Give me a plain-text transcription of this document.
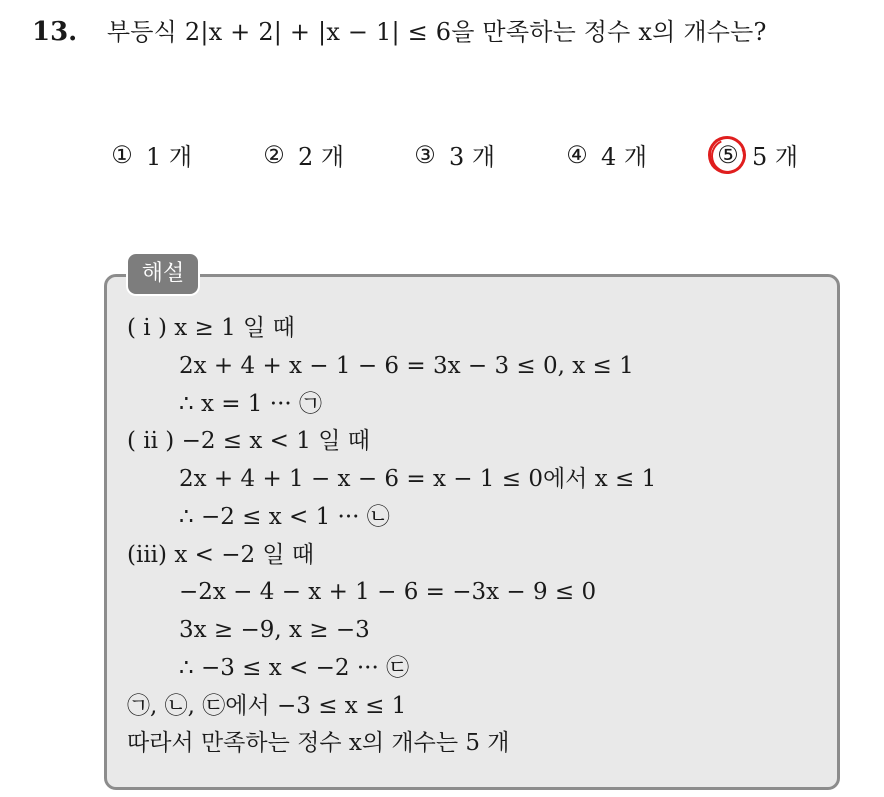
13. 부등식 2|x + 2| + |x − 1| ≤ 6을 만족하는 정수 x의 개수는?
① 1 개	② 2 개	③ 3 개	④ 4 개	⑤ 5 개
해설
( i ) x ≥ 1 일 때
2x + 4 + x − 1 − 6 = 3x − 3 ≤ 0, x ≤ 1
∴ x = 1 ··· ㉠
( ii ) −2 ≤ x < 1 일 때
2x + 4 + 1 − x − 6 = x − 1 ≤ 0에서 x ≤ 1
∴ −2 ≤ x < 1 ··· ㉡
(iii) x < −2 일 때
−2x − 4 − x + 1 − 6 = −3x − 9 ≤ 0
3x ≥ −9, x ≥ −3
∴ −3 ≤ x < −2 ··· ㉢
㉠, ㉡, ㉢에서 −3 ≤ x ≤ 1
따라서 만족하는 정수 x의 개수는 5 개
